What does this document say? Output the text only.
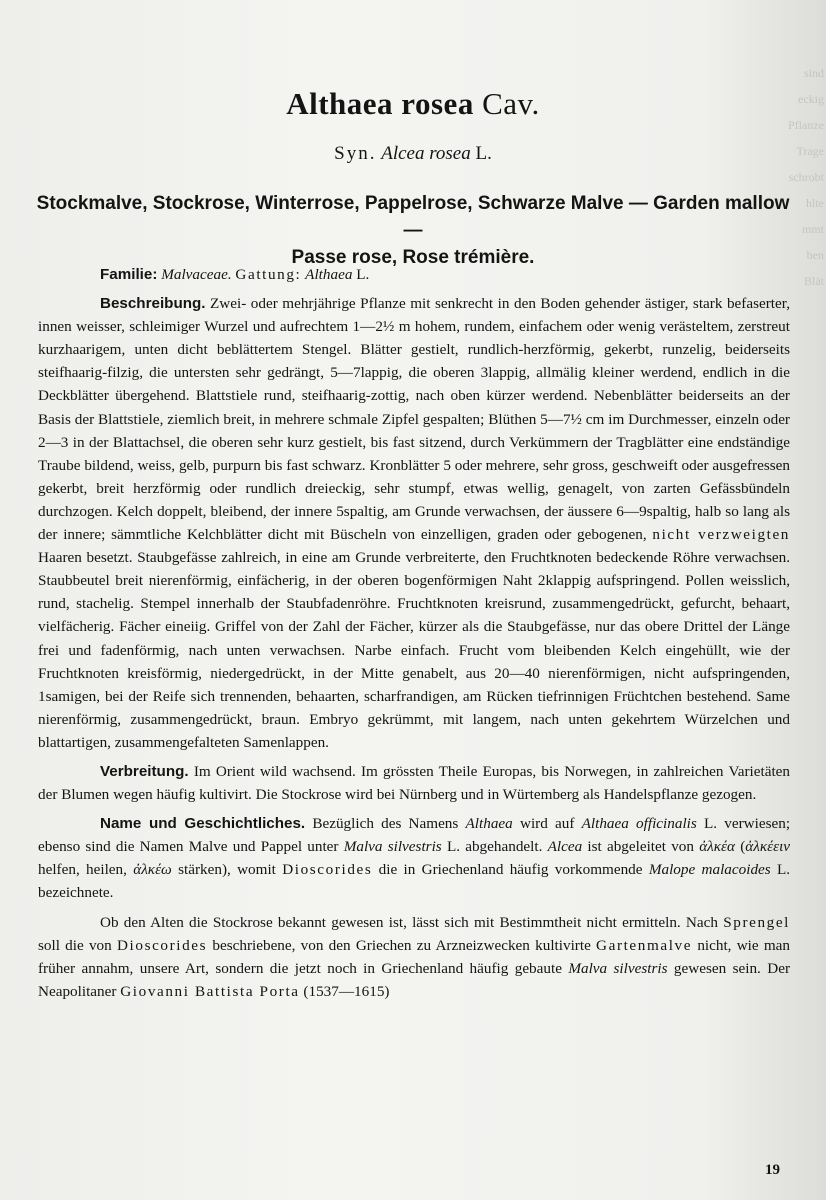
sind
eckig
Pflanze
Trage
schrobt
hlte
mmt
ben
Blät

Althaea rosea Cav.
Syn. Alcea rosea L.
Stockmalve, Stockrose, Winterrose, Pappelrose, Schwarze Malve — Garden mallow —
Passe rose, Rose trémière.

Familie: Malvaceae. Gattung: Althaea L.

Beschreibung. Zwei- oder mehrjährige Pflanze mit senkrecht in den Boden gehender ästiger, stark befaserter, innen weisser, schleimiger Wurzel und aufrechtem 1—2½ m hohem, rundem, einfachem oder wenig verästeltem, zerstreut kurzhaarigem, unten dicht beblättertem Stengel. Blätter gestielt, rundlich-herzförmig, gekerbt, runzelig, beiderseits steifhaarig-filzig, die untersten sehr gedrängt, 5—7lappig, die oberen 3lappig, allmälig kleiner werdend, endlich in die Deckblätter übergehend. Blattstiele rund, steifhaarig-zottig, nach oben kürzer werdend. Nebenblätter beiderseits an der Basis der Blattstiele, ziemlich breit, in mehrere schmale Zipfel gespalten; Blüthen 5—7½ cm im Durchmesser, einzeln oder 2—3 in der Blattachsel, die oberen sehr kurz gestielt, bis fast sitzend, durch Verkümmern der Tragblätter eine endständige Traube bildend, weiss, gelb, purpurn bis fast schwarz. Kronblätter 5 oder mehrere, sehr gross, geschweift oder ausgefressen gekerbt, breit herzförmig oder rundlich dreieckig, sehr stumpf, etwas wellig, genagelt, von zarten Gefässbündeln durchzogen. Kelch doppelt, bleibend, der innere 5spaltig, am Grunde verwachsen, der äussere 6—9spaltig, halb so lang als der innere; sämmtliche Kelchblätter dicht mit Büscheln von einzelligen, graden oder gebogenen, nicht verzweigten Haaren besetzt. Staubgefässe zahlreich, in eine am Grunde verbreiterte, den Fruchtknoten bedeckende Röhre verwachsen. Staubbeutel breit nierenförmig, einfächerig, in der oberen bogenförmigen Naht 2klappig aufspringend. Pollen weisslich, rund, stachelig. Stempel innerhalb der Staubfadenröhre. Fruchtknoten kreisrund, zusammengedrückt, gefurcht, behaart, vielfächerig. Fächer eineiig. Griffel von der Zahl der Fächer, kürzer als die Staubgefässe, nur das obere Drittel der Länge frei und fadenförmig, nach unten verwachsen. Narbe einfach. Frucht vom bleibenden Kelch eingehüllt, wie der Fruchtknoten kreisförmig, niedergedrückt, in der Mitte genabelt, aus 20—40 nierenförmigen, nicht aufspringenden, 1samigen, bei der Reife sich trennenden, behaarten, scharfrandigen, am Rücken tiefrinnigen Früchtchen bestehend. Same nierenförmig, zusammengedrückt, braun. Embryo gekrümmt, mit langem, nach unten gekehrtem Würzelchen und blattartigen, zusammengefalteten Samenlappen.

Verbreitung. Im Orient wild wachsend. Im grössten Theile Europas, bis Norwegen, in zahlreichen Varietäten der Blumen wegen häufig kultivirt. Die Stockrose wird bei Nürnberg und in Würtemberg als Handelspflanze gezogen.

Name und Geschichtliches. Bezüglich des Namens Althaea wird auf Althaea officinalis L. verwiesen; ebenso sind die Namen Malve und Pappel unter Malva silvestris L. abgehandelt. Alcea ist abgeleitet von ἀλκέα (ἀλκέειν helfen, heilen, ἀλκέω stärken), womit Dioscorides die in Griechenland häufig vorkommende Malope malacoides L. bezeichnete.

Ob den Alten die Stockrose bekannt gewesen ist, lässt sich mit Bestimmtheit nicht ermitteln. Nach Sprengel soll die von Dioscorides beschriebene, von den Griechen zu Arzneizwecken kultivirte Gartenmalve nicht, wie man früher annahm, unsere Art, sondern die jetzt noch in Griechenland häufig gebaute Malva silvestris gewesen sein. Der Neapolitaner Giovanni Battista Porta (1537—1615)

19
